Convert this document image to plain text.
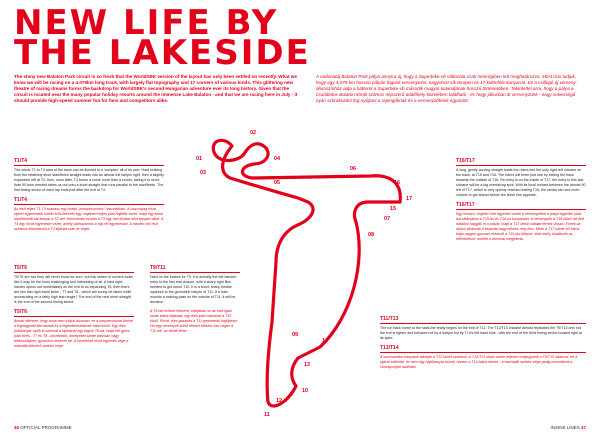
NEW LIFE BY
THE LAKESIDE

The shiny new Balaton Park circuit is so fresh that the WorldSBK version of the layout has only been settled on recently. What we know we will be racing on a 4.075km long track, with largely flat topography and 17 corners of various kinds. This glittering new theatre of racing dreams forms the backdrop for WorldSBK's second Hungarian adventure ever its long history. Given that the circuit is located near the many popular holiday resorts around the immense Lake Balaton - and that we are racing here in July - it should provide high-speed summer fun for fans and competitors alike.

A vadonatúj Balaton Park pálya annyira új, hogy a Superbike-vb változata csak nemrégiben lett meghatározva. Most már tudjuk, hogy egy 4,075 km hosszú pályán fogunk versenyezni, nagyrészt sík terepen és 17 különféle kanyarral. Ez a csillogó új verseny-álomszínház adja a hátteret a Superbike-vb második magyar kalandjának hosszú történetében. Tekintettel arra, hogy a pálya a csodálatos Balaton körüli számos népszerű üdülőhely közelében található - és hogy júliusban itt versenyzünk - nagy sebességű nyári szórakozást fog nyújtani a rajongóknak és a versenyzőknek egyaránt.

T1/T4
The whole T1 to T4 area of the track can be likened to a 'complex' all of its own. Hard braking from the relatively short start/finish straight leads into an almost full hairpin right, then a slightly expansive left at T2, then, soon after, T3 forms a curve more than a corner, taking it to more than 90 from needed takes us out onto a short straight that runs parallel to the start/finish. The first timing sector of each lap ends just after the exit of T4.
T1/T4
Az első teljes T1-T4 szakasz egy önálló „komplexumhoz” hasonlítható. A viszonylag rövid rajtcél egyenesből induló erős fékezés egy majdnem teljes jobb hajtűbe vezet, majd egy kissé kiszélesedő bal kanyar a T2-nél. Nemsokára ezután a T3 egy ívet inkább mint kanyart alkot. A T4 egy rövid egyenesre vezet, amely párhuzamos a rajt-cél egyenessel. A minden kör első szektora közvetlenül a T4 kijárata után ér véget.
T5/T6
T5/T6 are two they will never know for sure, but this series of corners looks like it may be the most challenging and interesting of all. A hard right-hander opens out immediately on the exit to an expanding T6, then there are two fast right-hand kinks - T7 and T8 - which will surely be taken while accelerating on a fairly high lean angle? The end of the next short straight is the end of the second timing sector.
T5/T6
Annak ellenére, hogy soha nem tudjuk biztosan, ez a kanyarsorozat tűnhet a legnagyobb kihívásnak és a legérdekesebbnek mind közül. Egy éles jobbkanyar nyílik ki azonnal a kijáratnál egy táguló T6-ba, majd két gyors jobb törés - T7 és T8 - következik, amelyeket szinte biztosan nagy dőlésszögben, gyorsítva vesznek be. A következő rövid egyenes vége a második időmérő szektor vége.
T9/T11
Hard on the brakes for T9, it is actually the left-handed entry to the first real closure, with a sharp right flick needed to get round T10. It is a short, sharp throttle squeeze to the geometric hairpin of T11. If a rider mounts a braking pass on the outside of T11, it will be decisive.
A T9-nél erősen fékezve, valójában ez az első igazi zárás balos bejárata, egy éles jobb csavarral a T10 körül. Rövid, éles gázadás a T11 geometriai hajtűjéhez. Ha egy versenyző külső fékező előzést visz végbe a T11-nél, az döntő lehet.
T16/T17
A long, gently curving straight leads the riders into the only right-left chicane on the track, at T15 and T16. The riders will enter just one by exiting the track towards the outside of T16. Re-entry is on the inside of T17, the entry to this last chicane will be a big overtaking spot. With its local contact between the almost 90 left of T17, which is very quickly reached exiting T16, the media can see more chance to get ahead before the finish line appears.
T16/T17
Egy hosszú, enyhén ívelt egyenes vezeti a versenyzőket a pálya egyetlen jobb-bal sikánjához a T15-ös és T16-os kanyarban. A versenyzők a T16 külső íve felé haladva hagyják el a pályát, majd a T17 belső oldalán térnek vissza. Ennek az utolsó sikánnak a bejárata nagy előzési hely lesz. Mivel a T17 szinte 90 fokos balja nagyon gyorsan elérhető a T16-ból kilépve, több esély kínálkozik az előretörésre, mielőtt a célvonal megjelenik.
T11/T13
The run back home to the start-line really begins on the exit of T11. The T12/T13 chicane almost replicates the T9/T10 one, but the exit is tighter and followed not by a hairpin but by T14's left hand kink - with the end of the third timing sector located right at its apex.
T13/T14
A szomszédos kanyarok alkotják a T12 körüli szakaszt. A T12/T13 sikán szinte teljesen megegyezik a T9/T10 sikánnal, de a kijárat szűkebb, és nem egy hajtűkanyar követi, hanem a T14 balos törése - a harmadik szektor vége pedig közvetlenül a csúcspontján található.
01
02
03
04
05
06
07
08
09
10
11
12
13
14
15
16
17
46 OFFICIAL PROGRAMME	INSIDE LINES 47
